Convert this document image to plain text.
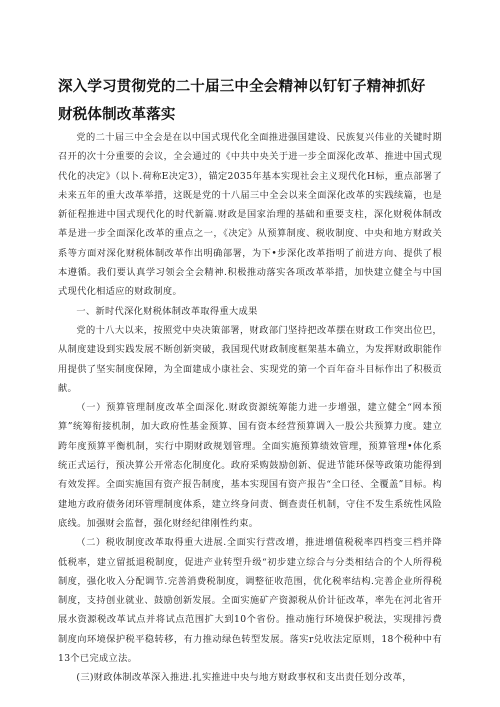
深入学习贯彻党的二十届三中全会精神以钉钉子精神抓好财税体制改革落实

党的二十届三中全会是在以中国式现代化全面推进强国建设、民族复兴伟业的关键时期召开的次十分重要的会议，全会通过的《中共中央关于进一步全面深化改革、推进中国式现代化的决定》（以卜.荷称E决定3），锚定2035年基本实现社会主义现代化H标，重点部署了未来五年的重大改革举措，这既是党的十八届三中全会以来全面深化改革的实践续篇，也是新征程推进中国式现代化的时代新篇.财政是国家治理的基础和重要支柱，深化财税体制改革是进一步全面深化改革的重点之一，《决定》从预算制度、税收制度、中央和地方财政关系等方面对深化财税体制改革作出明确部署，为下•步深化改革指明了前进方向、提供了根本遵循。我们要认真学习领会全会精神.积极推动落实各项改革举措，加快建立健全与中国式现代化相适应的财政制度。

一、新时代深化财税体制改革取得重大成果

党的十八大以来，按照党中央决策部署，财政部门坚持把改革摆在财政工作突出位巴，从制度建设到实践发展不断创新突破，我国现代财政制度框架基本确立，为发挥财政职能作用提供了坚实制度保障，为全面建成小康社会、实现党的第一个百年奋斗目标作出了积极贡献。

（一）预算管理制度改革全面深化.财政资源统筹能力进一步增强，建立健全“网本预算”统筹衔接机制，加大政府性基金预算、国有资本经营预算调入一股公共预算力度。建立跨年度预算平衡机制，实行中期财政规划管理。全面实施预算绩效管理，预算管理•体化系统正式运行，预决算公开常态化制度化。政府采购鼓励创新、促进节能环保等政策功能得到有效发挥。全面实施国有资产报告制度，基本实现国有资产报告“全口径、全覆盖”目标。构建地方政府债务闭环管理制度体系，建立终身问责、倒查责任机制，守住不发生系统性风险底线。加强财会监督，强化财经纪律刚性约束。

（二）税收制度改革取得重大进展.全面实行营改增，推进增值税税率四档变三档并降低税率，建立留抵退税制度，促进产业转型升级“初步建立综合与分类相结合的个人所得税制度，强化收入分配调节.完善消费税制度，调整征收范围，优化税率结构.完善企业所得税制度，支持创业就业、鼓励创新发展。全面实施矿产资源税从价计征改革，率先在河北省开展水资源税改革试点并将试点范围扩大到10个省份。推动施行环境保护税法，实现排污费制度向环境保护税平稳转移，有力推动绿色转型发展。落实r兑收法定原则，18个税种中有13个已完成立法。

(三)财政体制改革深入推进.扎实推进中央与地方财政事权和支出责任划分改革，
